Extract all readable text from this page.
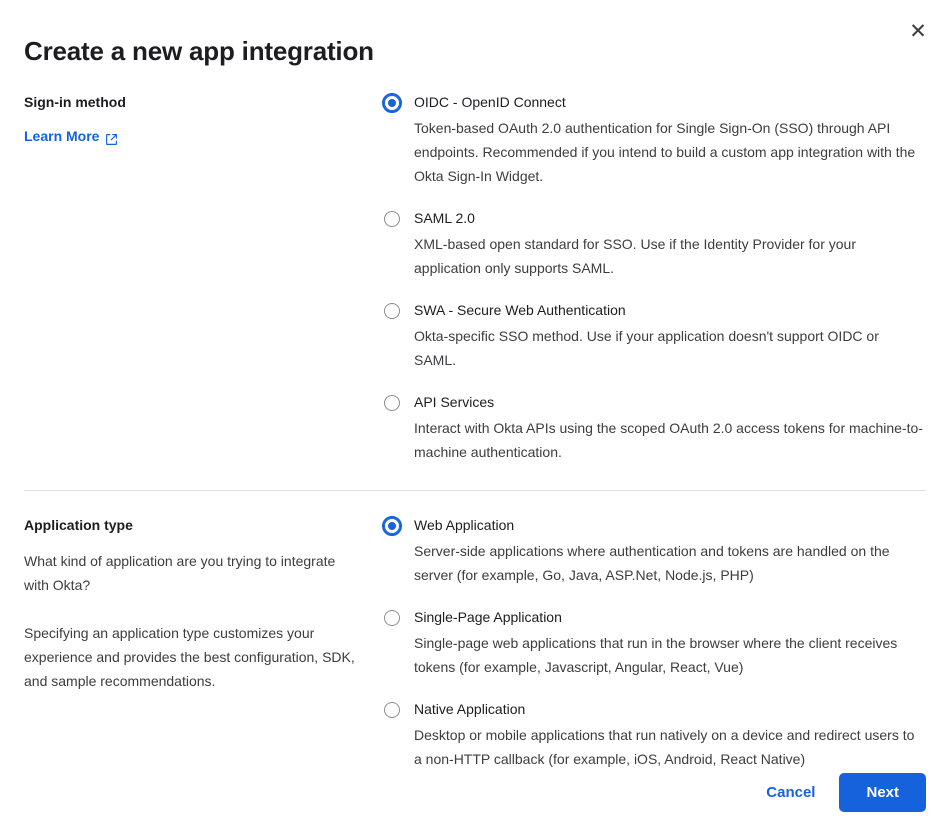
✕
Create a new app integration
Sign-in method
Learn More
OIDC - OpenID Connect
Token-based OAuth 2.0 authentication for Single Sign-On (SSO) through API endpoints. Recommended if you intend to build a custom app integration with the Okta Sign-In Widget.
SAML 2.0
XML-based open standard for SSO. Use if the Identity Provider for your application only supports SAML.
SWA - Secure Web Authentication
Okta-specific SSO method. Use if your application doesn't support OIDC or SAML.
API Services
Interact with Okta APIs using the scoped OAuth 2.0 access tokens for machine-to-machine authentication.
Application type

What kind of application are you trying to integrate with Okta?

Specifying an application type customizes your experience and provides the best configuration, SDK, and sample recommendations.

Web Application
Server-side applications where authentication and tokens are handled on the server (for example, Go, Java, ASP.Net, Node.js, PHP)
Single-Page Application
Single-page web applications that run in the browser where the client receives tokens (for example, Javascript, Angular, React, Vue)
Native Application
Desktop or mobile applications that run natively on a device and redirect users to a non-HTTP callback (for example, iOS, Android, React Native)
Cancel	Next
